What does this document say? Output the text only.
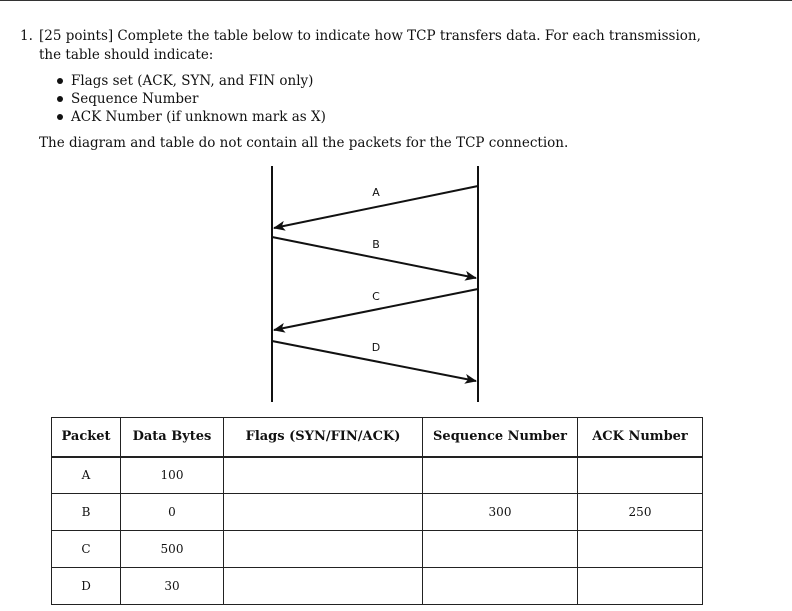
1. [25 points] Complete the table below to indicate how TCP transfers data. For each transmission, the table should indicate:
Flags set (ACK, SYN, and FIN only)
Sequence Number
ACK Number (if unknown mark as X)
The diagram and table do not contain all the packets for the TCP connection.
A
B
C
D
Packet	Data Bytes	Flags (SYN/FIN/ACK)	Sequence Number	ACK Number
A	100			
B	0		300	250
C	500			
D	30			
